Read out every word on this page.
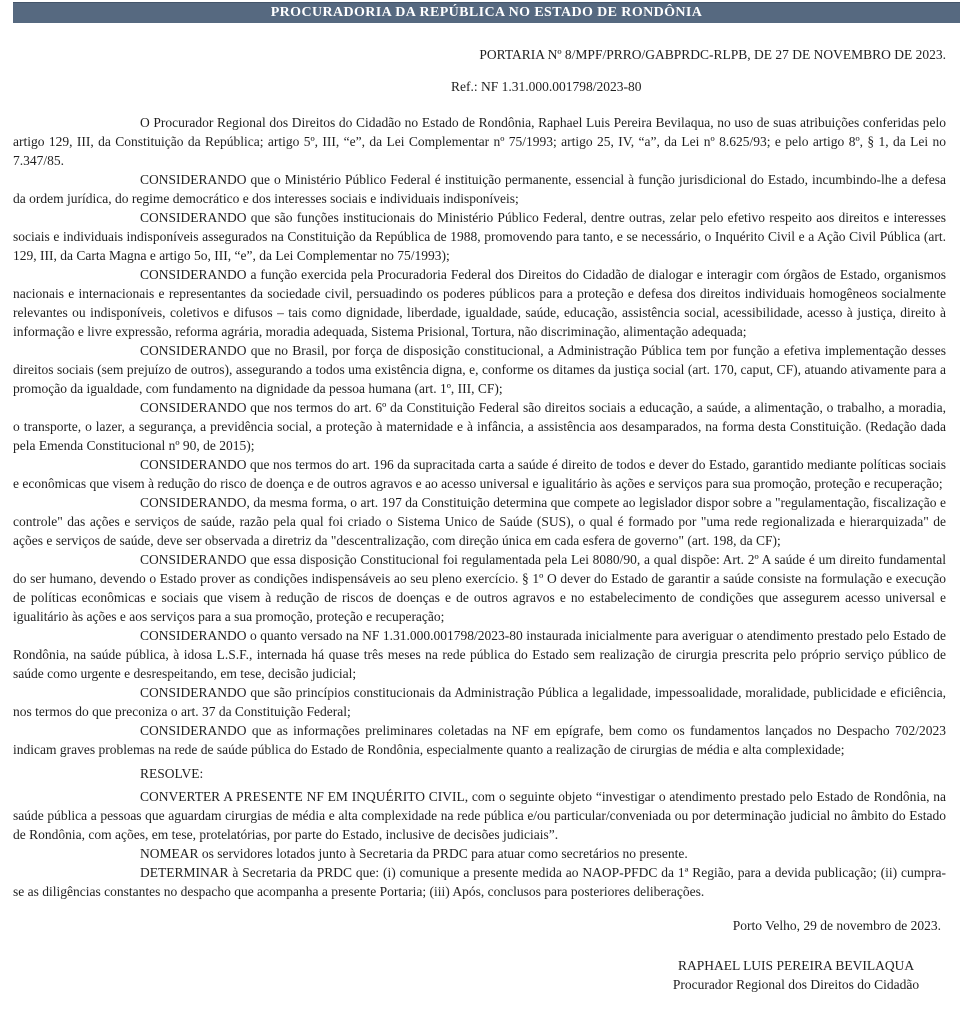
PROCURADORIA DA REPÚBLICA NO ESTADO DE RONDÔNIA
PORTARIA Nº 8/MPF/PRRO/GABPRDC-RLPB, DE 27 DE NOVEMBRO DE 2023.
Ref.: NF 1.31.000.001798/2023-80

O Procurador Regional dos Direitos do Cidadão no Estado de Rondônia, Raphael Luis Pereira Bevilaqua, no uso de suas atribuições conferidas pelo artigo 129, III, da Constituição da República; artigo 5º, III, “e”, da Lei Complementar nº 75/1993; artigo 25, IV, “a”, da Lei nº 8.625/93; e pelo artigo 8º, § 1, da Lei no 7.347/85.

CONSIDERANDO que o Ministério Público Federal é instituição permanente, essencial à função jurisdicional do Estado, incumbindo-lhe a defesa da ordem jurídica, do regime democrático e dos interesses sociais e individuais indisponíveis;

CONSIDERANDO que são funções institucionais do Ministério Público Federal, dentre outras, zelar pelo efetivo respeito aos direitos e interesses sociais e individuais indisponíveis assegurados na Constituição da República de 1988, promovendo para tanto, e se necessário, o Inquérito Civil e a Ação Civil Pública (art. 129, III, da Carta Magna e artigo 5o, III, “e”, da Lei Complementar no 75/1993);

CONSIDERANDO a função exercida pela Procuradoria Federal dos Direitos do Cidadão de dialogar e interagir com órgãos de Estado, organismos nacionais e internacionais e representantes da sociedade civil, persuadindo os poderes públicos para a proteção e defesa dos direitos individuais homogêneos socialmente relevantes ou indisponíveis, coletivos e difusos – tais como dignidade, liberdade, igualdade, saúde, educação, assistência social, acessibilidade, acesso à justiça, direito à informação e livre expressão, reforma agrária, moradia adequada, Sistema Prisional, Tortura, não discriminação, alimentação adequada;

CONSIDERANDO que no Brasil, por força de disposição constitucional, a Administração Pública tem por função a efetiva implementação desses direitos sociais (sem prejuízo de outros), assegurando a todos uma existência digna, e, conforme os ditames da justiça social (art. 170, caput, CF), atuando ativamente para a promoção da igualdade, com fundamento na dignidade da pessoa humana (art. 1º, III, CF);

CONSIDERANDO que nos termos do art. 6º da Constituição Federal são direitos sociais a educação, a saúde, a alimentação, o trabalho, a moradia, o transporte, o lazer, a segurança, a previdência social, a proteção à maternidade e à infância, a assistência aos desamparados, na forma desta Constituição. (Redação dada pela Emenda Constitucional nº 90, de 2015);

CONSIDERANDO que nos termos do art. 196 da supracitada carta a saúde é direito de todos e dever do Estado, garantido mediante políticas sociais e econômicas que visem à redução do risco de doença e de outros agravos e ao acesso universal e igualitário às ações e serviços para sua promoção, proteção e recuperação;

CONSIDERANDO, da mesma forma, o art. 197 da Constituição determina que compete ao legislador dispor sobre a "regulamentação, fiscalização e controle" das ações e serviços de saúde, razão pela qual foi criado o Sistema Unico de Saúde (SUS), o qual é formado por "uma rede regionalizada e hierarquizada" de ações e serviços de saúde, deve ser observada a diretriz da "descentralização, com direção única em cada esfera de governo" (art. 198, da CF);

CONSIDERANDO que essa disposição Constitucional foi regulamentada pela Lei 8080/90, a qual dispõe: Art. 2º A saúde é um direito fundamental do ser humano, devendo o Estado prover as condições indispensáveis ao seu pleno exercício. § 1º O dever do Estado de garantir a saúde consiste na formulação e execução de políticas econômicas e sociais que visem à redução de riscos de doenças e de outros agravos e no estabelecimento de condições que assegurem acesso universal e igualitário às ações e aos serviços para a sua promoção, proteção e recuperação;

CONSIDERANDO o quanto versado na NF 1.31.000.001798/2023-80 instaurada inicialmente para averiguar o atendimento prestado pelo Estado de Rondônia, na saúde pública, à idosa L.S.F., internada há quase três meses na rede pública do Estado sem realização de cirurgia prescrita pelo próprio serviço público de saúde como urgente e desrespeitando, em tese, decisão judicial;

CONSIDERANDO que são princípios constitucionais da Administração Pública a legalidade, impessoalidade, moralidade, publicidade e eficiência, nos termos do que preconiza o art. 37 da Constituição Federal;

CONSIDERANDO que as informações preliminares coletadas na NF em epígrafe, bem como os fundamentos lançados no Despacho 702/2023 indicam graves problemas na rede de saúde pública do Estado de Rondônia, especialmente quanto a realização de cirurgias de média e alta complexidade;

RESOLVE:

CONVERTER A PRESENTE NF EM INQUÉRITO CIVIL, com o seguinte objeto “investigar o atendimento prestado pelo Estado de Rondônia, na saúde pública a pessoas que aguardam cirurgias de média e alta complexidade na rede pública e/ou particular/conveniada ou por determinação judicial no âmbito do Estado de Rondônia, com ações, em tese, protelatórias, por parte do Estado, inclusive de decisões judiciais”.

NOMEAR os servidores lotados junto à Secretaria da PRDC para atuar como secretários no presente.

DETERMINAR à Secretaria da PRDC que: (i) comunique a presente medida ao NAOP-PFDC da 1ª Região, para a devida publicação; (ii) cumpra-se as diligências constantes no despacho que acompanha a presente Portaria; (iii) Após, conclusos para posteriores deliberações.

Porto Velho, 29 de novembro de 2023.
RAPHAEL LUIS PEREIRA BEVILAQUA
Procurador Regional dos Direitos do Cidadão
